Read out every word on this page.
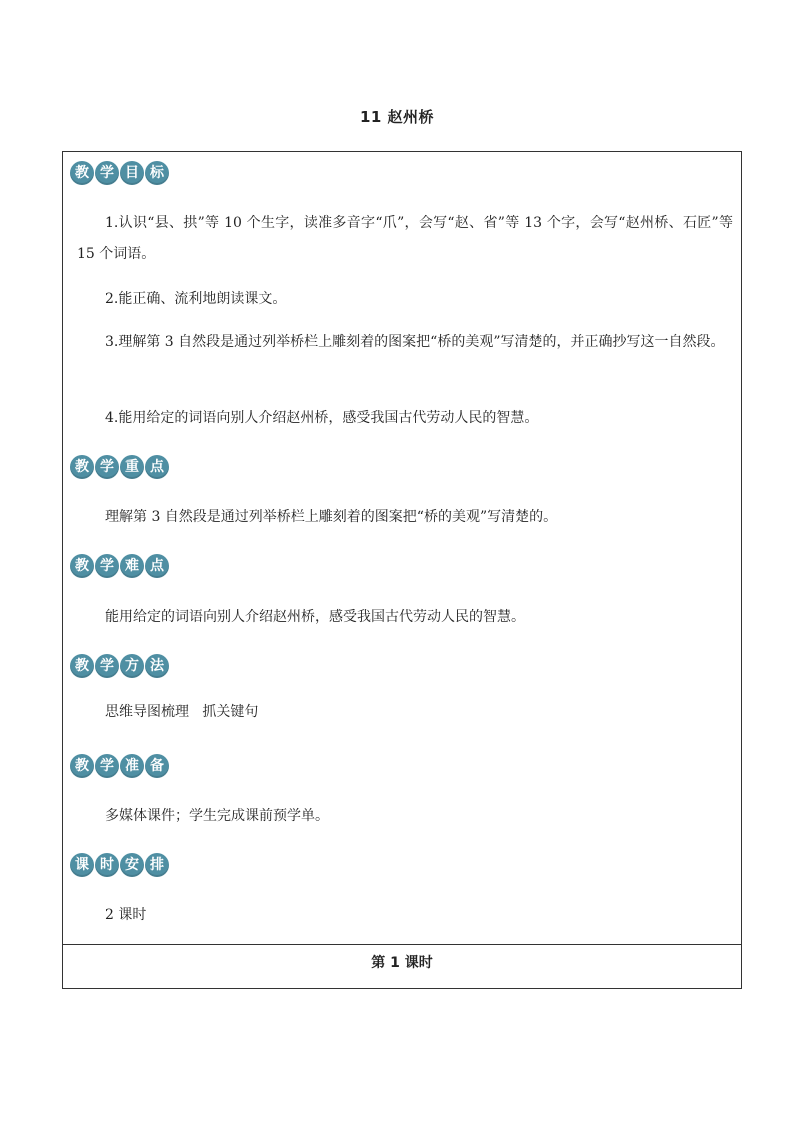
11 赵州桥
教 学 目 标

1.认识“县、拱”等 10 个生字，读准多音字“爪”，会写“赵、省”等 13 个字，会写“赵州桥、石匠”等 15 个词语。

2.能正确、流利地朗读课文。

3.理解第 3 自然段是通过列举桥栏上雕刻着的图案把“桥的美观”写清楚的，并正确抄写这一自然段。

4.能用给定的词语向别人介绍赵州桥，感受我国古代劳动人民的智慧。

教 学 重 点

理解第 3 自然段是通过列举桥栏上雕刻着的图案把“桥的美观”写清楚的。

教 学 难 点

能用给定的词语向别人介绍赵州桥，感受我国古代劳动人民的智慧。

教 学 方 法

思维导图梳理   抓关键句

教 学 准 备

多媒体课件；学生完成课前预学单。

课 时 安 排

2 课时

第 1 课时
